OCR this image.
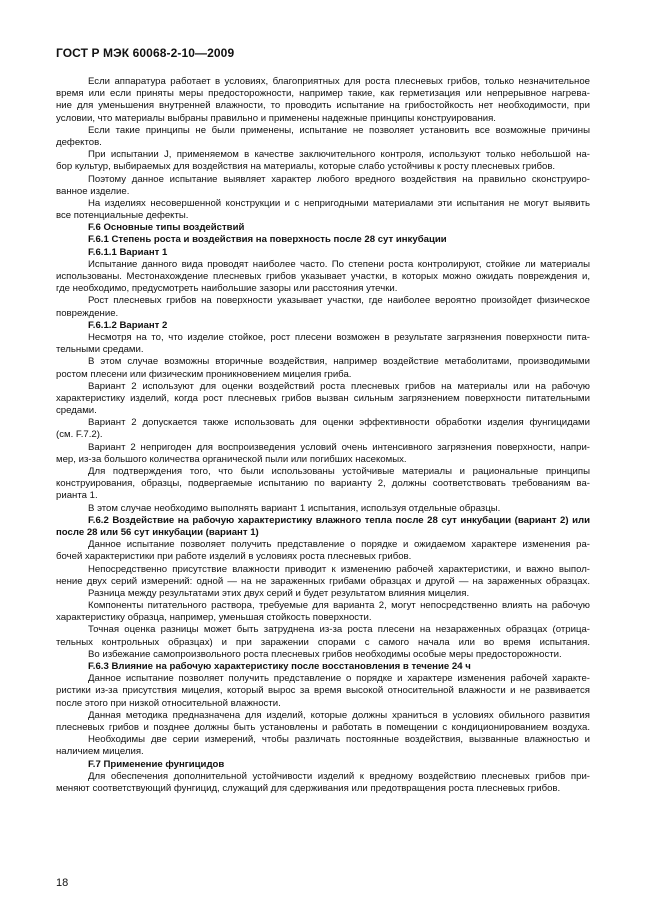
ГОСТ Р МЭК 60068-2-10—2009
Если аппаратура работает в условиях, благоприятных для роста плесневых грибов, только незначительное
время или если приняты меры предосторожности, например такие, как герметизация или непрерывное нагрева-
ние для уменьшения внутренней влажности, то проводить испытание на грибостойкость нет необходимости, при
условии, что материалы выбраны правильно и применены надежные принципы конструирования.
Если такие принципы не были применены, испытание не позволяет установить все возможные причины
дефектов.
При испытании J, применяемом в качестве заключительного контроля, используют только небольшой на-
бор культур, выбираемых для воздействия на материалы, которые слабо устойчивы к росту плесневых грибов.
Поэтому данное испытание выявляет характер любого вредного воздействия на правильно сконструиро-
ванное изделие.
На изделиях несовершенной конструкции и с непригодными материалами эти испытания не могут выявить
все потенциальные дефекты.
F.6 Основные типы воздействий
F.6.1 Степень роста и воздействия на поверхность после 28 сут инкубации
F.6.1.1 Вариант 1
Испытание данного вида проводят наиболее часто. По степени роста контролируют, стойкие ли материалы
использованы. Местонахождение плесневых грибов указывает участки, в которых можно ожидать повреждения и,
где необходимо, предусмотреть наибольшие зазоры или расстояния утечки.
Рост плесневых грибов на поверхности указывает участки, где наиболее вероятно произойдет физическое
повреждение.
F.6.1.2 Вариант 2
Несмотря на то, что изделие стойкое, рост плесени возможен в результате загрязнения поверхности пита-
тельными средами.
В этом случае возможны вторичные воздействия, например воздействие метаболитами, производимыми
ростом плесени или физическим проникновением мицелия гриба.
Вариант 2 используют для оценки воздействий роста плесневых грибов на материалы или на рабочую
характеристику изделий, когда рост плесневых грибов вызван сильным загрязнением поверхности питательными
средами.
Вариант 2 допускается также использовать для оценки эффективности обработки изделия фунгицидами
(см. F.7.2).
Вариант 2 непригоден для воспроизведения условий очень интенсивного загрязнения поверхности, напри-
мер, из-за большого количества органической пыли или погибших насекомых.
Для подтверждения того, что были использованы устойчивые материалы и рациональные принципы
конструирования, образцы, подвергаемые испытанию по варианту 2, должны соответствовать требованиям ва-
рианта 1.
В этом случае необходимо выполнять вариант 1 испытания, используя отдельные образцы.
F.6.2 Воздействие на рабочую характеристику влажного тепла после 28 сут инкубации (вариант 2) или
после 28 или 56 сут инкубации (вариант 1)
Данное испытание позволяет получить представление о порядке и ожидаемом характере изменения ра-
бочей характеристики при работе изделий в условиях роста плесневых грибов.
Непосредственно присутствие влажности приводит к изменению рабочей характеристики, и важно выпол-
нение двух серий измерений: одной — на не зараженных грибами образцах и другой — на зараженных образцах.
Разница между результатами этих двух серий и будет результатом влияния мицелия.
Компоненты питательного раствора, требуемые для варианта 2, могут непосредственно влиять на рабочую
характеристику образца, например, уменьшая стойкость поверхности.
Точная оценка разницы может быть затруднена из-за роста плесени на незараженных образцах (отрица-
тельных контрольных образцах) и при заражении спорами с самого начала или во время испытания.
Во избежание самопроизвольного роста плесневых грибов необходимы особые меры предосторожности.
F.6.3 Влияние на рабочую характеристику после восстановления в течение 24 ч
Данное испытание позволяет получить представление о порядке и характере изменения рабочей характе-
ристики из-за присутствия мицелия, который вырос за время высокой относительной влажности и не развивается
после этого при низкой относительной влажности.
Данная методика предназначена для изделий, которые должны храниться в условиях обильного развития
плесневых грибов и позднее должны быть установлены и работать в помещении с кондиционированием воздуха.
Необходимы две серии измерений, чтобы различать постоянные воздействия, вызванные влажностью и
наличием мицелия.
F.7 Применение фунгицидов
Для обеспечения дополнительной устойчивости изделий к вредному воздействию плесневых грибов при-
меняют соответствующий фунгицид, служащий для сдерживания или предотвращения роста плесневых грибов.
18
